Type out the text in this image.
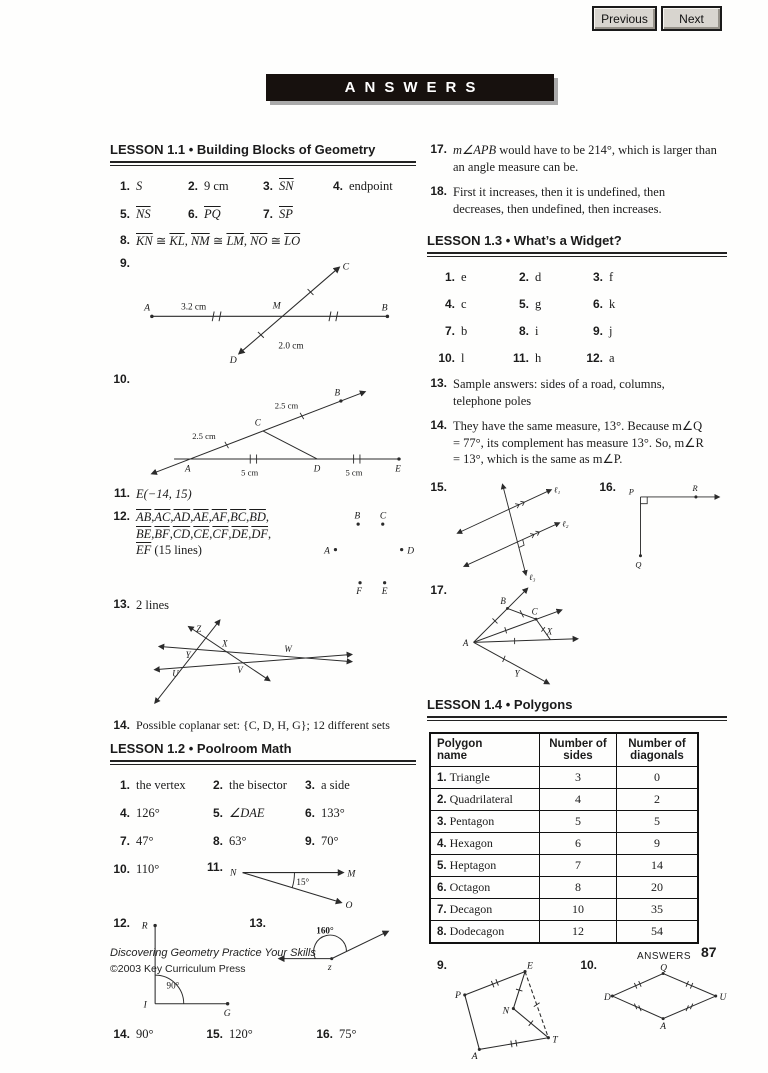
Previous	Next
ANSWERS
LESSON 1.1 • Building Blocks of Geometry
1. S	2. 9 cm	3. $\overline{SN}$	4. endpoint
5. $\overline{NS}$	6. $\overline{PQ}$	7. $\overline{SP}$
8. $\overline{KN}$ ≅ $\overline{KL}$, $\overline{NM}$ ≅ $\overline{LM}$, $\overline{NO}$ ≅ $\overline{LO}$
9.
A	B
M
C
D
3.2 cm
2.0 cm
10.
A
B
C
D	E
2.5 cm
2.5 cm
5 cm	5 cm
11. E(−14, 15)
12. $\overline{AB}$ , $\overline{AC}$ , $\overline{AD}$ , $\overline{AE}$ , $\overline{AF}$ , $\overline{BC}$ , $\overline{BD}$ ,
$\overline{BE}$ , $\overline{BF}$ , $\overline{CD}$ , $\overline{CE}$ , $\overline{CF}$ , $\overline{DE}$ , $\overline{DF}$ ,
$\overline{EF}$ (15 lines)
B C
A	D
F E
13. 2 lines
Z
X
Y
W
U	V
14. Possible coplanar set: {C, D, H, G}; 12 different sets
LESSON 1.2 • Poolroom Math
1. the vertex	2. the bisector	3. a side
4. 126°	5. ∠DAE	6. 133°
7. 47°	8. 63°	9. 70°
10. 110°	11. N	M
O
15°
12. R
I
G
90°
13.
160°
z
14. 90°	15. 120°	16. 75°
17. m∠APB would have to be 214°, which is larger than an angle measure can be.
18. First it increases, then it is undefined, then decreases, then undefined, then increases.
LESSON 1.3 • What’s a Widget?
1. e	2. d	3. f
4. c	5. g	6. k
7. b	8. i	9. j
10. l	11. h	12. a
13. Sample answers: sides of a road, columns, telephone poles
14. They have the same measure, 13°. Because m∠Q = 77°, its complement has measure 13°. So, m∠R = 13°, which is the same as m∠P.
15.	ℓ₁
ℓ₂
ℓ₃
16. P	R
Q
17.
A
B
C
X
Y
LESSON 1.4 • Polygons
Polygon
name	Number of
sides	Number of
diagonals
1. Triangle	3	0
2. Quadrilateral	4	2
3. Pentagon	5	5
4. Hexagon	6	9
5. Heptagon	7	14
6. Octagon	8	20
7. Decagon	10	35
8. Dodecagon	12	54
9.
P
E
N
T
A
10.	Q
U
A
D
Discovering Geometry Practice Your Skills
©2003 Key Curriculum Press
ANSWERS 87
